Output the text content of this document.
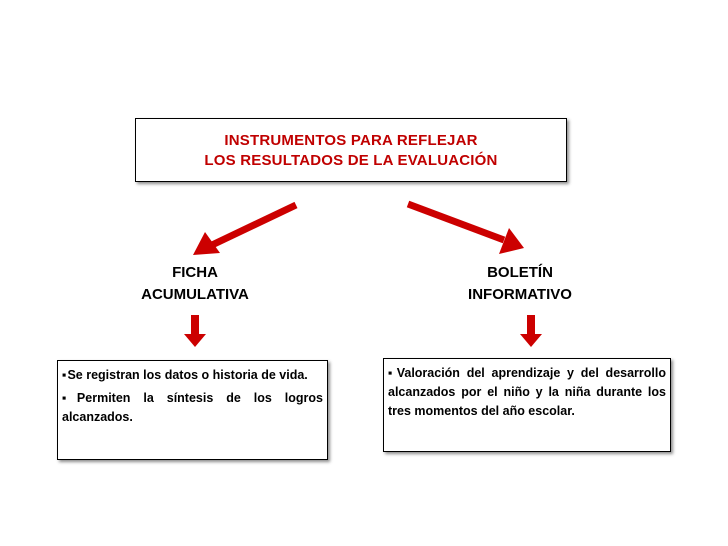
INSTRUMENTOS PARA REFLEJAR
LOS RESULTADOS DE LA EVALUACIÓN
FICHA
ACUMULATIVA
BOLETÍN
INFORMATIVO
▪ Se registran los datos o historia de vida.
▪ Permiten la síntesis de los logros alcanzados.
▪ Valoración del aprendizaje y del desarrollo alcanzados por el niño y la niña durante los tres momentos del año escolar.
